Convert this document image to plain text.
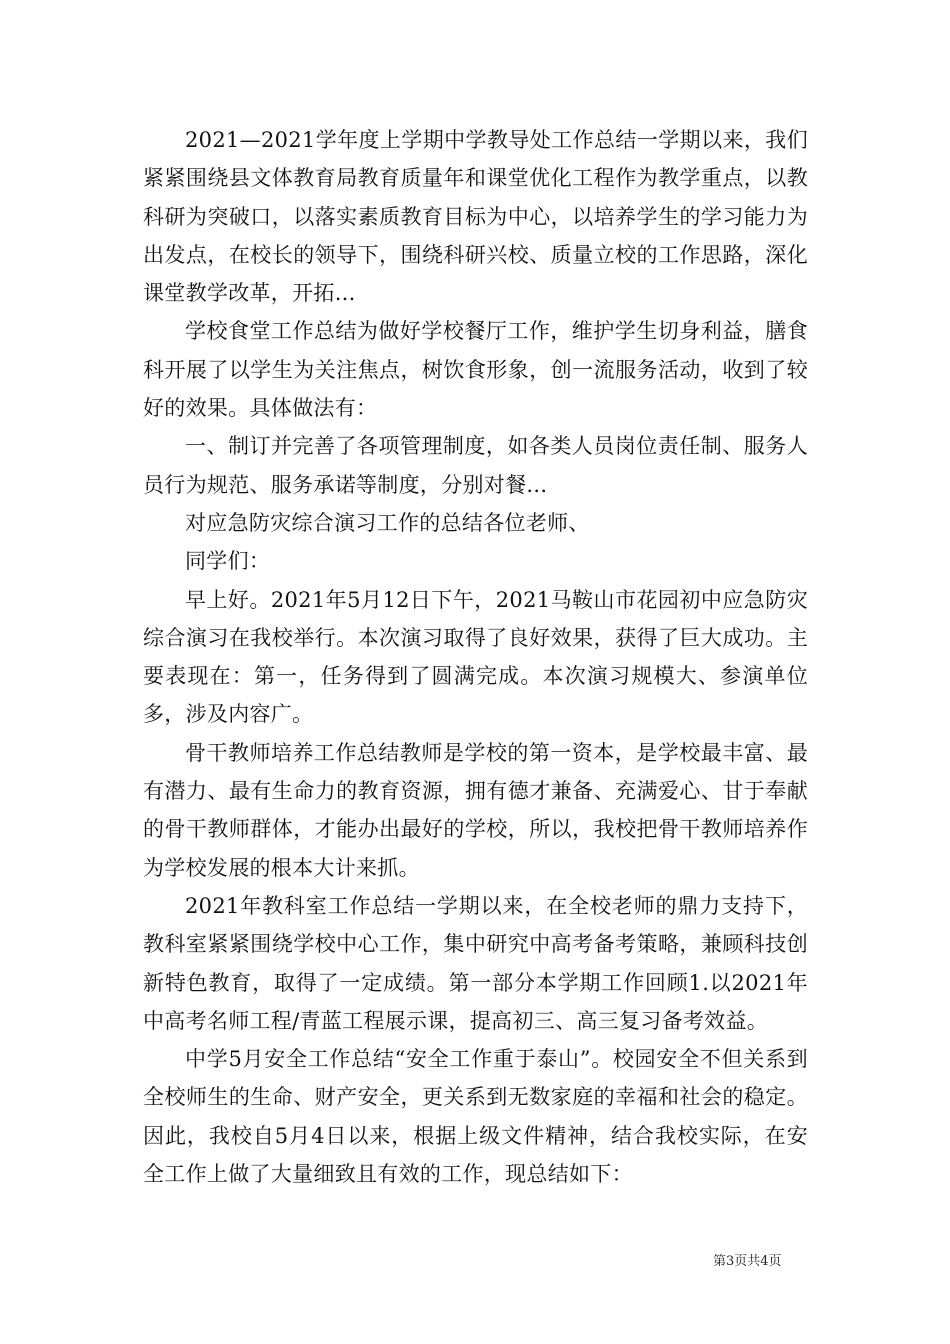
2021—2021学年度上学期中学教导处工作总结一学期以来，我们紧紧围绕县文体教育局教育质量年和课堂优化工程作为教学重点，以教科研为突破口，以落实素质教育目标为中心，以培养学生的学习能力为出发点，在校长的领导下，围绕科研兴校、质量立校的工作思路，深化课堂教学改革，开拓...

学校食堂工作总结为做好学校餐厅工作，维护学生切身利益，膳食科开展了以学生为关注焦点，树饮食形象，创一流服务活动，收到了较好的效果。具体做法有：

一、制订并完善了各项管理制度，如各类人员岗位责任制、服务人员行为规范、服务承诺等制度，分别对餐...

对应急防灾综合演习工作的总结各位老师、

同学们：

早上好。2021年5月12日下午，2021马鞍山市花园初中应急防灾综合演习在我校举行。本次演习取得了良好效果，获得了巨大成功。主要表现在：第一，任务得到了圆满完成。本次演习规模大、参演单位多，涉及内容广。

骨干教师培养工作总结教师是学校的第一资本，是学校最丰富、最有潜力、最有生命力的教育资源，拥有德才兼备、充满爱心、甘于奉献的骨干教师群体，才能办出最好的学校，所以，我校把骨干教师培养作为学校发展的根本大计来抓。

2021年教科室工作总结一学期以来，在全校老师的鼎力支持下，教科室紧紧围绕学校中心工作，集中研究中高考备考策略，兼顾科技创新特色教育，取得了一定成绩。第一部分本学期工作回顾1.以2021年中高考名师工程/青蓝工程展示课，提高初三、高三复习备考效益。

中学5月安全工作总结“安全工作重于泰山”。校园安全不但关系到全校师生的生命、财产安全，更关系到无数家庭的幸福和社会的稳定。因此，我校自5月4日以来，根据上级文件精神，结合我校实际，在安全工作上做了大量细致且有效的工作，现总结如下：

第3页共4页
